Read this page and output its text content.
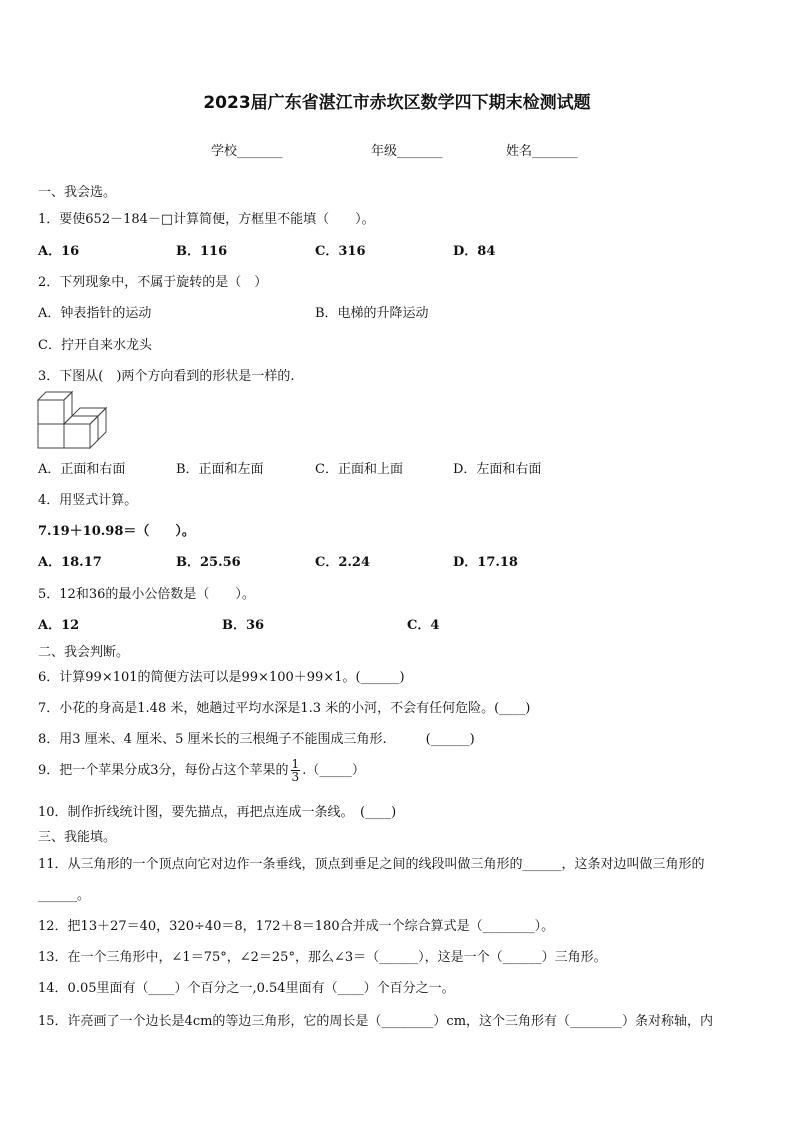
2023届广东省湛江市赤坎区数学四下期末检测试题
学校_______	年级_______	姓名_______
一、我会选。
1．要使652－184－□计算简便，方框里不能填（　　）。
A．16	B．116	C．316	D．84
2．下列现象中，不属于旋转的是（　）
A．钟表指针的运动	B．电梯的升降运动
C．拧开自来水龙头
3．下图从(　)两个方向看到的形状是一样的.
A．正面和右面	B．正面和左面	C．正面和上面	D．左面和右面
4．用竖式计算。
7.19＋10.98＝（　　）。
A．18.17	B．25.56	C．2.24	D．17.18
5．12和36的最小公倍数是（　　）。
A．12	B．36	C．4
二、我会判断。
6．计算99×101的简便方法可以是99×100＋99×1。(______)
7．小花的身高是1.48 米，她趟过平均水深是1.3 米的小河，不会有任何危险。(____)
8．用3 厘米、4 厘米、5 厘米长的三根绳子不能围成三角形.　　　(______)
9．把一个苹果分成3分，每份占这个苹果的 $\frac{1}{3}$ .（_____）
10．制作折线统计图，要先描点，再把点连成一条线。　(____)
三、我能填。
11．从三角形的一个顶点向它对边作一条垂线，顶点到垂足之间的线段叫做三角形的______，这条对边叫做三角形的
______。
12．把13＋27＝40，320÷40＝8，172＋8＝180合并成一个综合算式是（________）。
13．在一个三角形中，∠1＝75°，∠2＝25°，那么∠3＝（______），这是一个（______）三角形。
14．0.05里面有（____）个百分之一,0.54里面有（____）个百分之一。
15．许亮画了一个边长是4cm的等边三角形，它的周长是（________）cm，这个三角形有（________）条对称轴，内
